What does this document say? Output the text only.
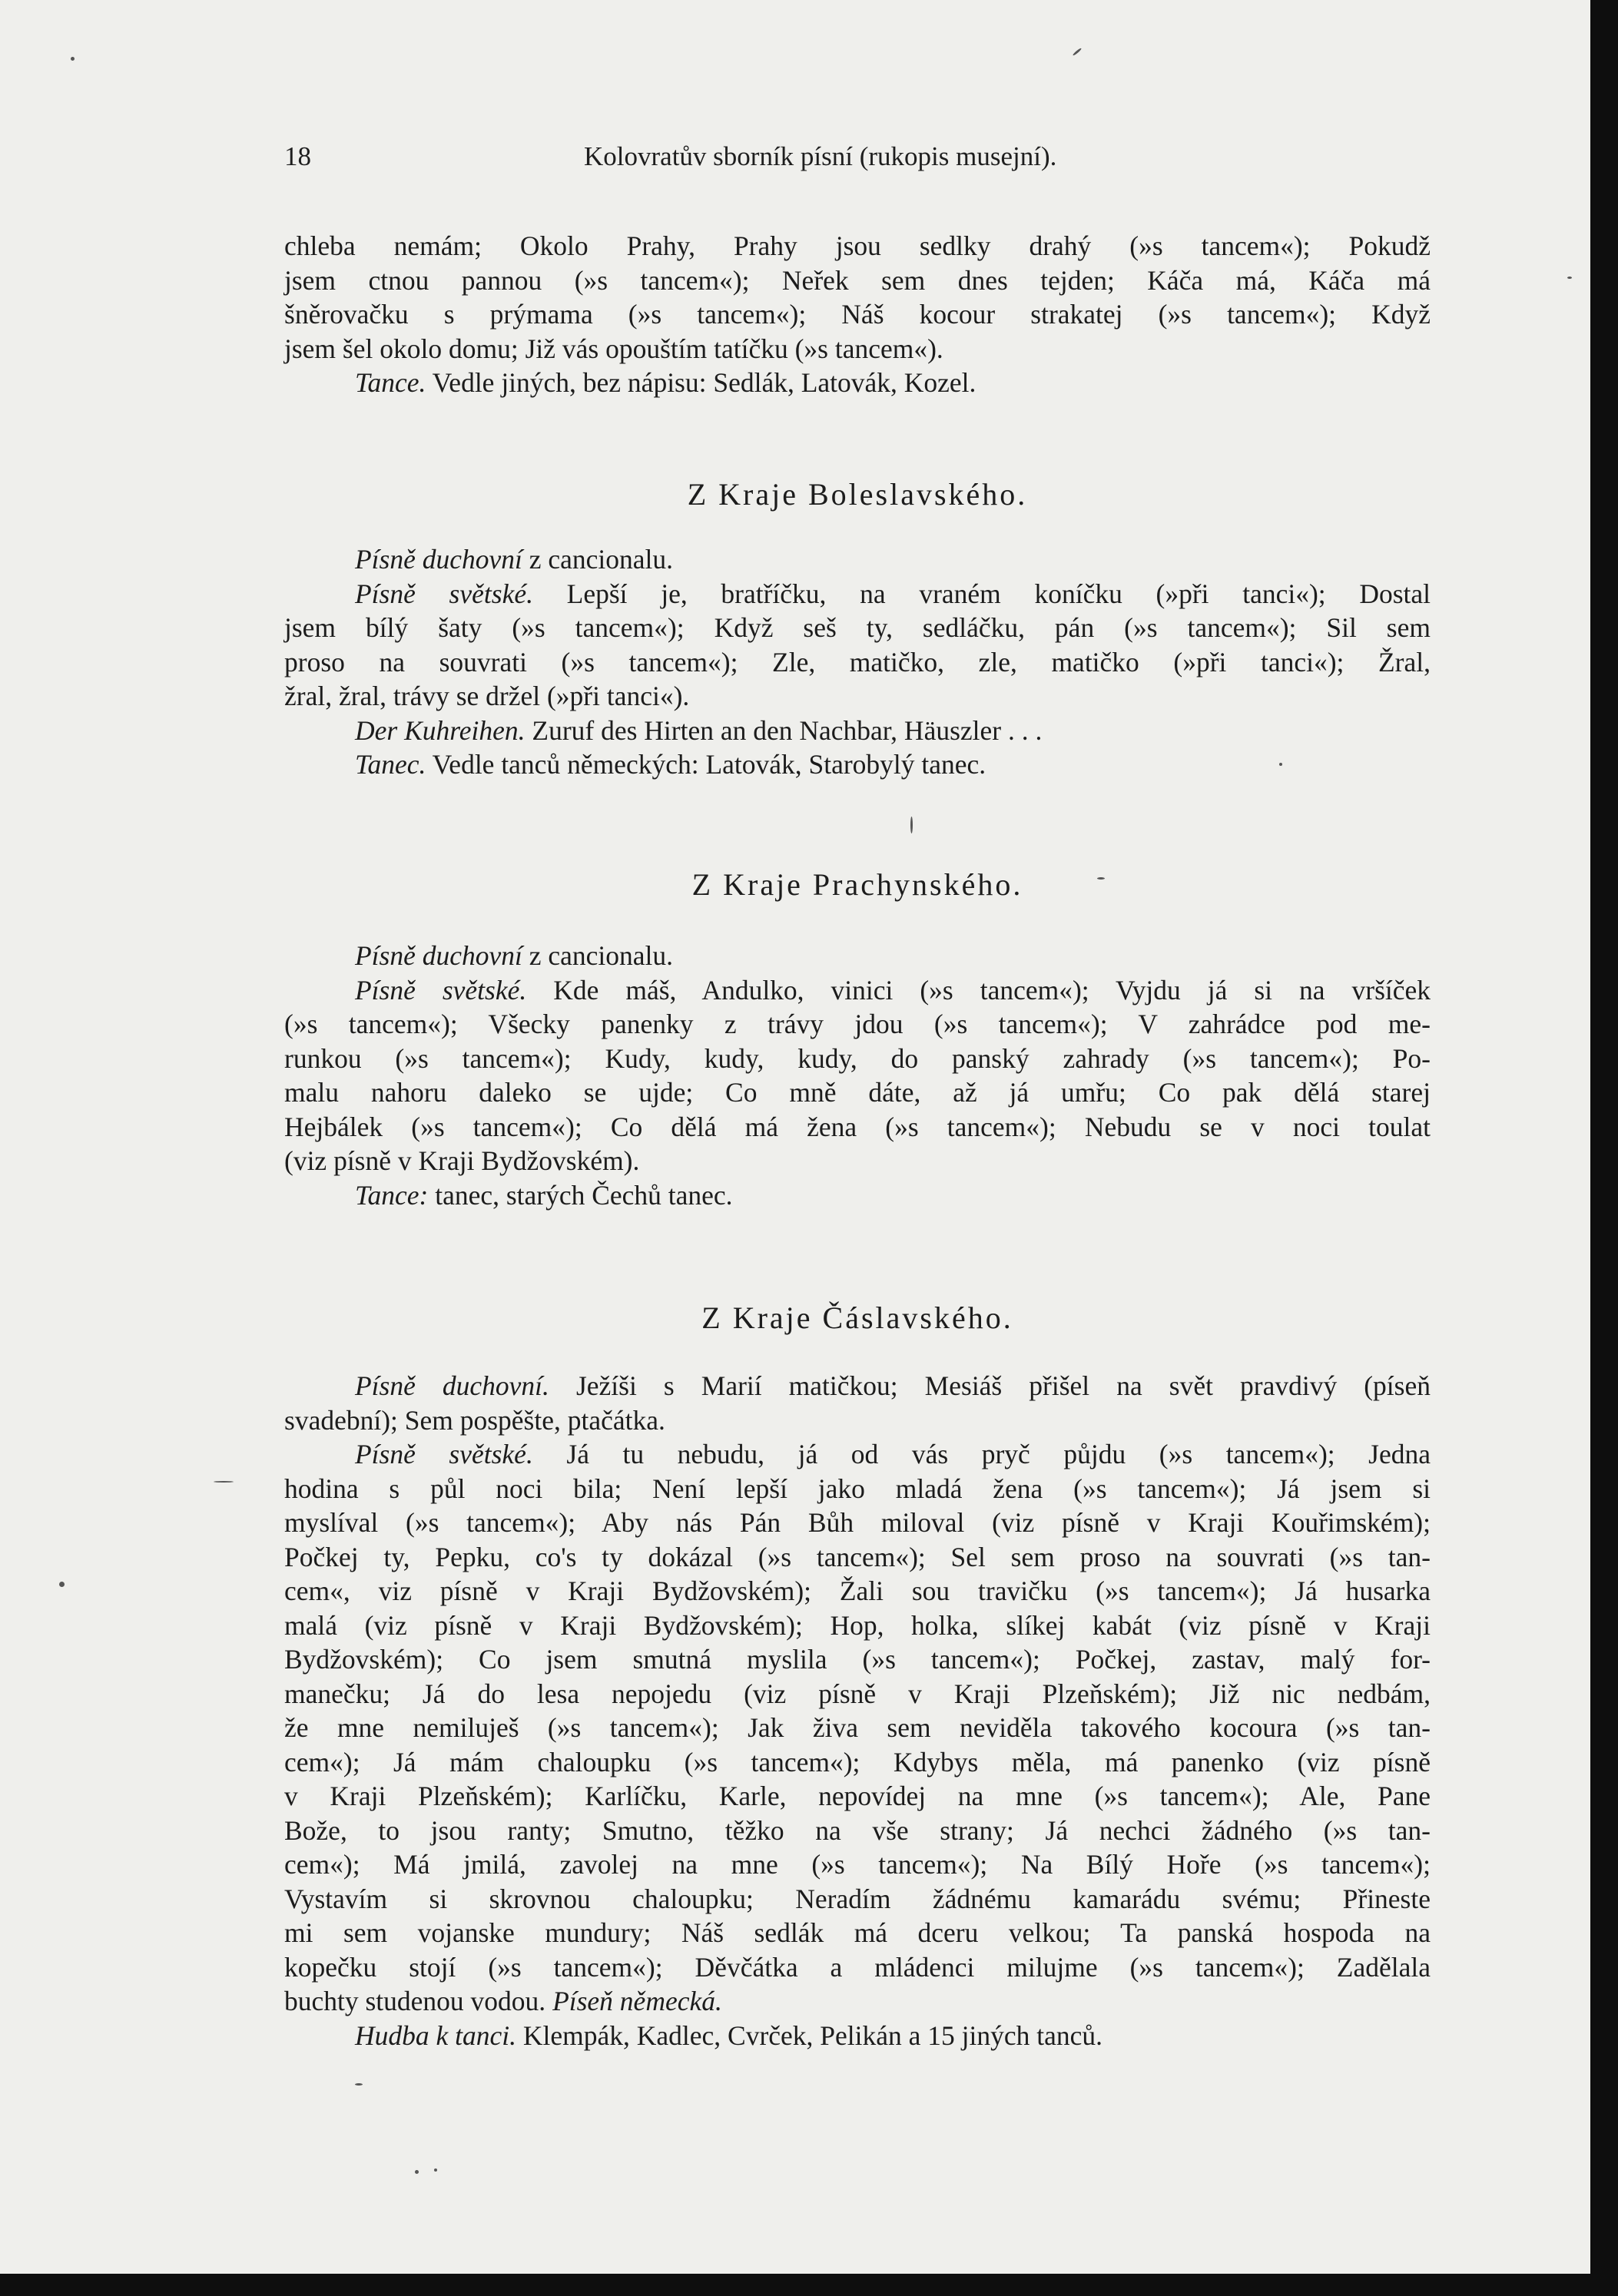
18	Kolovratův sborník písní (rukopis musejní).
chleba nemám; Okolo Prahy, Prahy jsou sedlky drahý (»s tancem«); Pokudž
jsem ctnou pannou (»s tancem«); Neřek sem dnes tejden; Káča má, Káča má
šněrovačku s prýmama (»s tancem«); Náš kocour strakatej (»s tancem«); Když
jsem šel okolo domu; Již vás opouštím tatíčku (»s tancem«).
Tance. Vedle jiných, bez nápisu: Sedlák, Latovák, Kozel.
Z Kraje Boleslavského.
Písně duchovní z cancionalu.
Písně světské. Lepší je, bratříčku, na vraném koníčku (»při tanci«); Dostal
jsem bílý šaty (»s tancem«); Když seš ty, sedláčku, pán (»s tancem«); Sil sem
proso na souvrati (»s tancem«); Zle, matičko, zle, matičko (»při tanci«); Žral,
žral, žral, trávy se držel (»při tanci«).
Der Kuhreihen. Zuruf des Hirten an den Nachbar, Häuszler . . .
Tanec. Vedle tanců německých: Latovák, Starobylý tanec.
Z Kraje Prachynského.
Písně duchovní z cancionalu.
Písně světské. Kde máš, Andulko, vinici (»s tancem«); Vyjdu já si na vršíček
(»s tancem«); Všecky panenky z trávy jdou (»s tancem«); V zahrádce pod me-
runkou (»s tancem«); Kudy, kudy, kudy, do panský zahrady (»s tancem«); Po-
malu nahoru daleko se ujde; Co mně dáte, až já umřu; Co pak dělá starej
Hejbálek (»s tancem«); Co dělá má žena (»s tancem«); Nebudu se v noci toulat
(viz písně v Kraji Bydžovském).
Tance: tanec, starých Čechů tanec.
Z Kraje Čáslavského.
Písně duchovní. Ježíši s Marií matičkou; Mesiáš přišel na svět pravdivý (píseň
svadební); Sem pospěšte, ptačátka.
Písně světské. Já tu nebudu, já od vás pryč půjdu (»s tancem«); Jedna
hodina s půl noci bila; Není lepší jako mladá žena (»s tancem«); Já jsem si
myslíval (»s tancem«); Aby nás Pán Bůh miloval (viz písně v Kraji Kouřimském);
Počkej ty, Pepku, co's ty dokázal (»s tancem«); Sel sem proso na souvrati (»s tan-
cem«, viz písně v Kraji Bydžovském); Žali sou travičku (»s tancem«); Já husarka
malá (viz písně v Kraji Bydžovském); Hop, holka, slíkej kabát (viz písně v Kraji
Bydžovském); Co jsem smutná myslila (»s tancem«); Počkej, zastav, malý for-
manečku; Já do lesa nepojedu (viz písně v Kraji Plzeňském); Již nic nedbám,
že mne nemiluješ (»s tancem«); Jak živa sem neviděla takového kocoura (»s tan-
cem«); Já mám chaloupku (»s tancem«); Kdybys měla, má panenko (viz písně
v Kraji Plzeňském); Karlíčku, Karle, nepovídej na mne (»s tancem«); Ale, Pane
Bože, to jsou ranty; Smutno, těžko na vše strany; Já nechci žádného (»s tan-
cem«); Má jmilá, zavolej na mne (»s tancem«); Na Bílý Hoře (»s tancem«);
Vystavím si skrovnou chaloupku; Neradím žádnému kamarádu svému; Přineste
mi sem vojanske mundury; Náš sedlák má dceru velkou; Ta panská hospoda na
kopečku stojí (»s tancem«); Děvčátka a mládenci milujme (»s tancem«); Zadělala
buchty studenou vodou. Píseň německá.
Hudba k tanci. Klempák, Kadlec, Cvrček, Pelikán a 15 jiných tanců.
